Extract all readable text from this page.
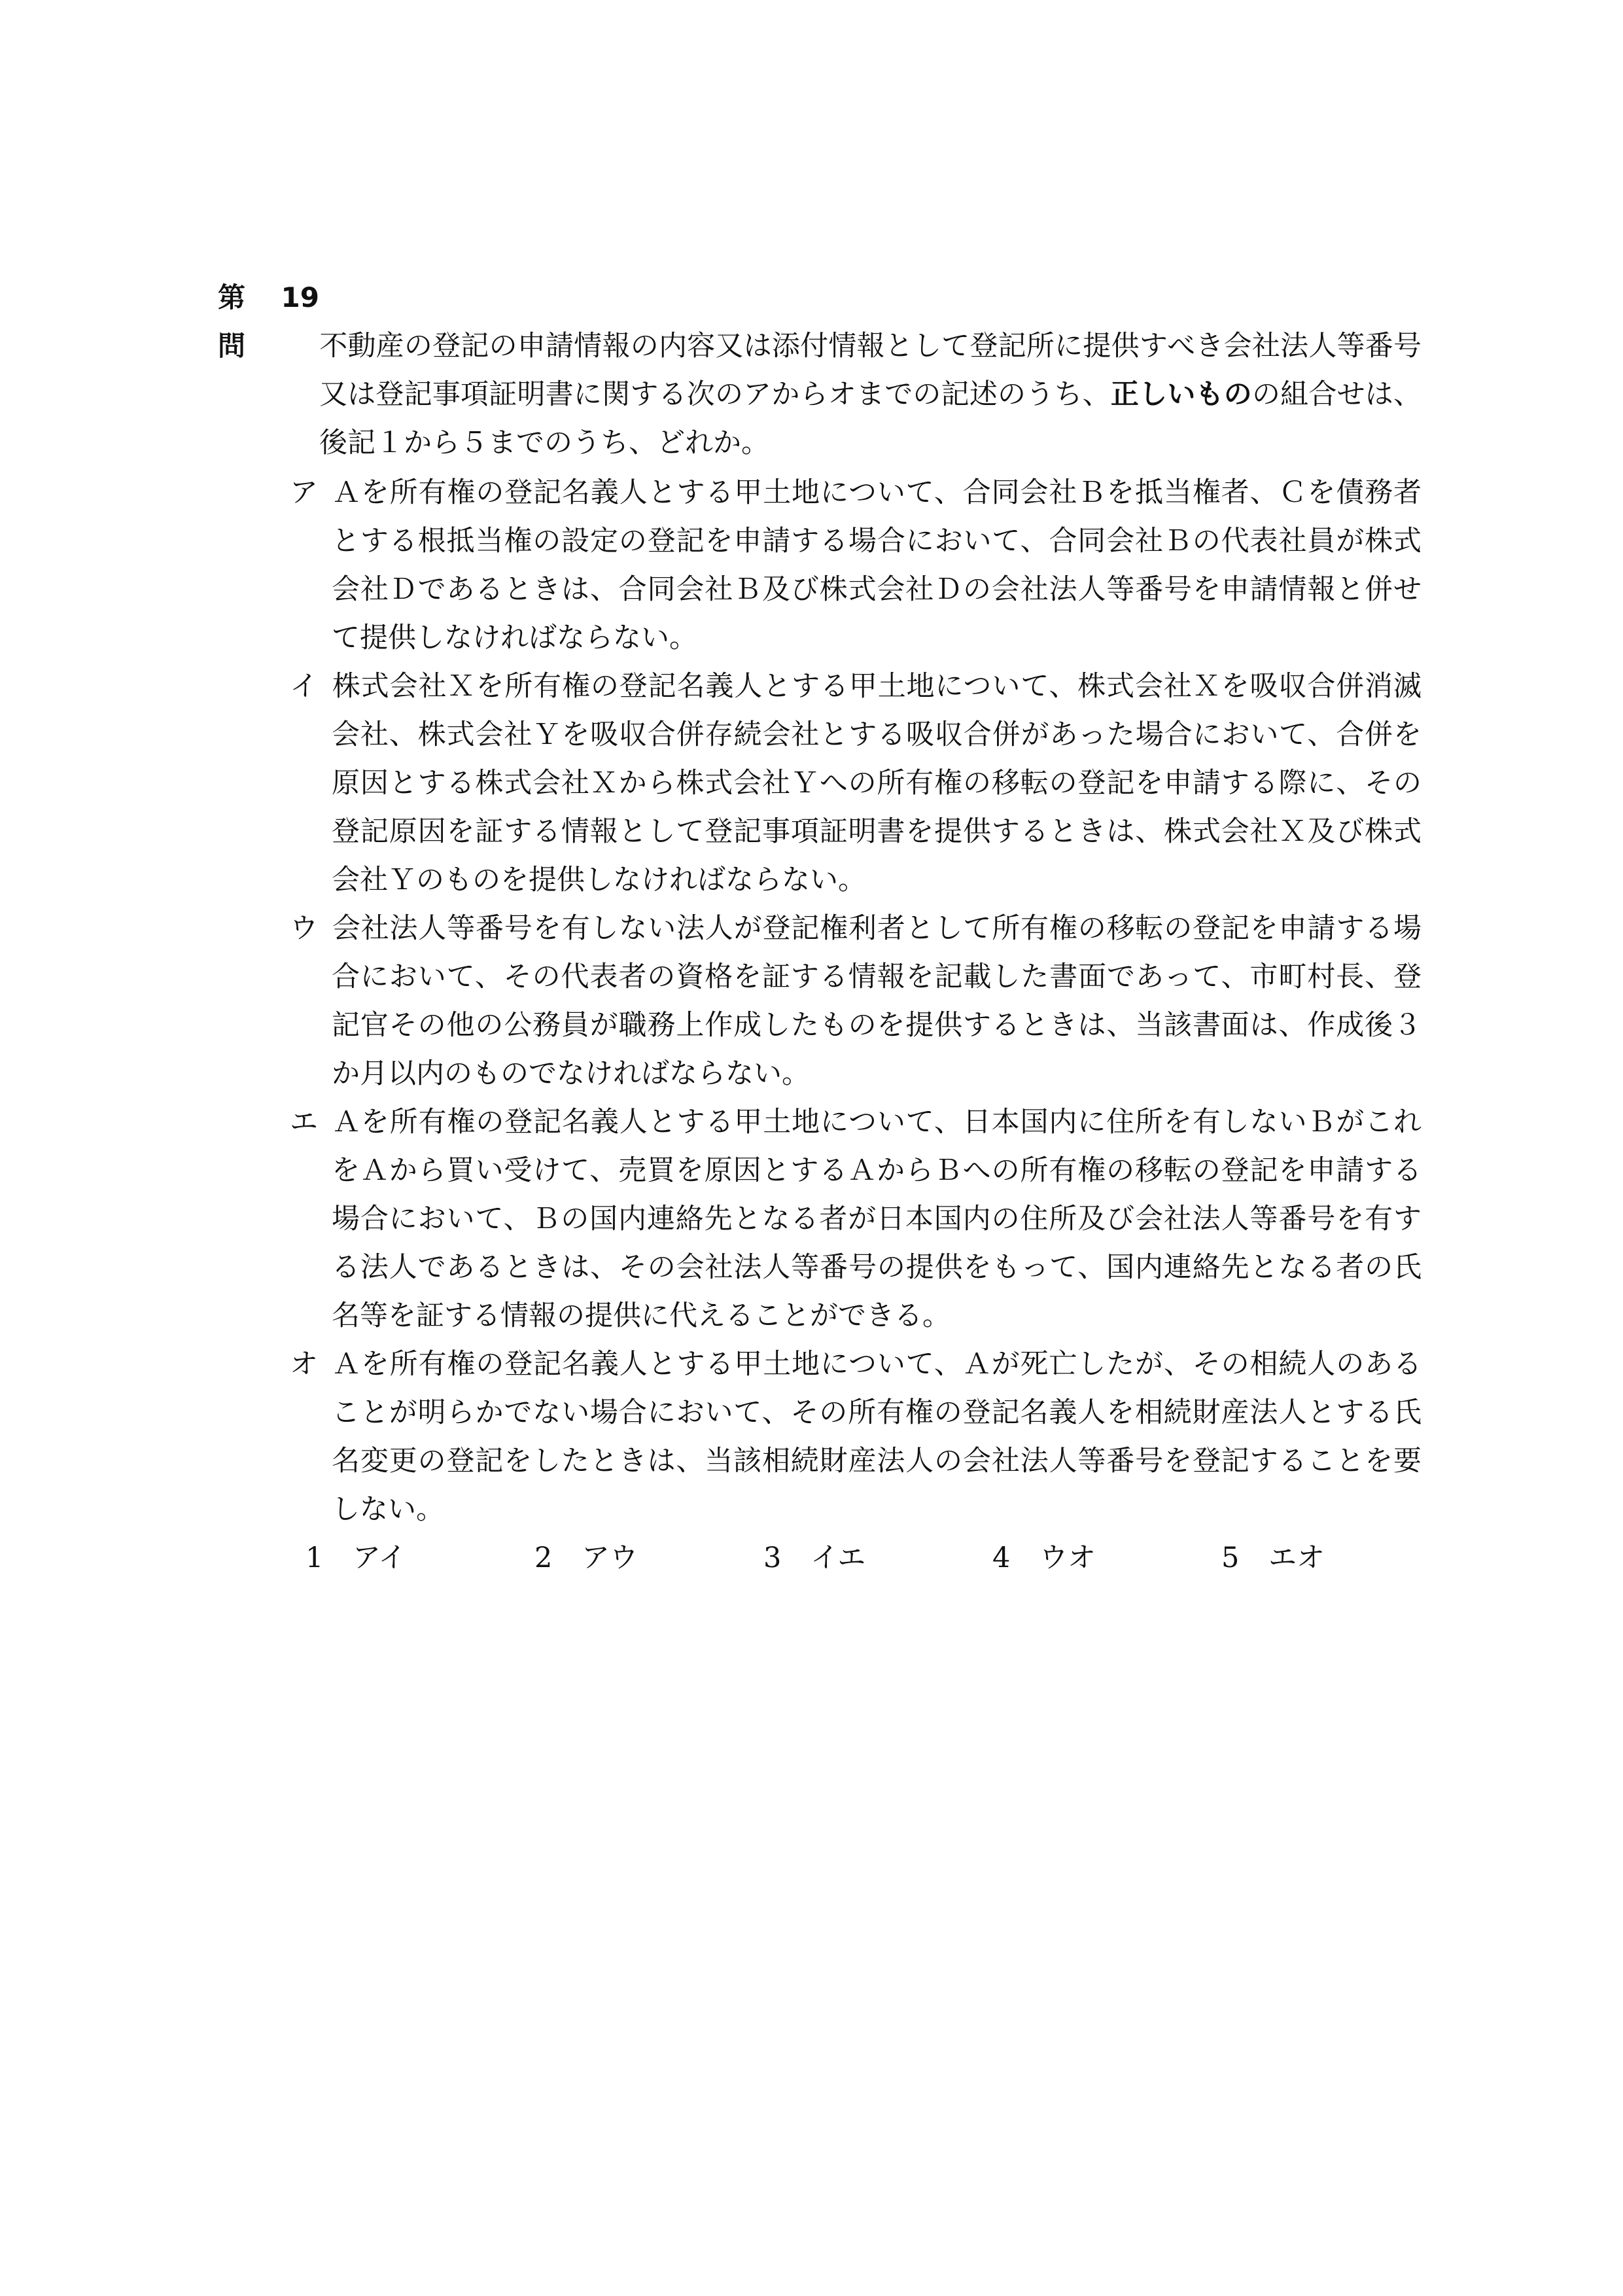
第 19 問	不動産の登記の申請情報の内容又は添付情報として登記所に提供すべき会社法人等番号又は登記事項証明書に関する次のアからオまでの記述のうち、正しいものの組合せは、後記１から５までのうち、どれか。

ア Ａを所有権の登記名義人とする甲土地について、合同会社Ｂを抵当権者、Ｃを債務者とする根抵当権の設定の登記を申請する場合において、合同会社Ｂの代表社員が株式会社Ｄであるときは、合同会社Ｂ及び株式会社Ｄの会社法人等番号を申請情報と併せて提供しなければならない。

イ 株式会社Ｘを所有権の登記名義人とする甲土地について、株式会社Ｘを吸収合併消滅会社、株式会社Ｙを吸収合併存続会社とする吸収合併があった場合において、合併を原因とする株式会社Ｘから株式会社Ｙへの所有権の移転の登記を申請する際に、その登記原因を証する情報として登記事項証明書を提供するときは、株式会社Ｘ及び株式会社Ｙのものを提供しなければならない。

ウ 会社法人等番号を有しない法人が登記権利者として所有権の移転の登記を申請する場合において、その代表者の資格を証する情報を記載した書面であって、市町村長、登記官その他の公務員が職務上作成したものを提供するときは、当該書面は、作成後３か月以内のものでなければならない。

エ Ａを所有権の登記名義人とする甲土地について、日本国内に住所を有しないＢがこれをＡから買い受けて、売買を原因とするＡからＢへの所有権の移転の登記を申請する場合において、Ｂの国内連絡先となる者が日本国内の住所及び会社法人等番号を有する法人であるときは、その会社法人等番号の提供をもって、国内連絡先となる者の氏名等を証する情報の提供に代えることができる。

オ Ａを所有権の登記名義人とする甲土地について、Ａが死亡したが、その相続人のあることが明らかでない場合において、その所有権の登記名義人を相続財産法人とする氏名変更の登記をしたときは、当該相続財産法人の会社法人等番号を登記することを要しない。

1 アイ	2 アウ	3 イエ	4 ウオ	5 エオ
